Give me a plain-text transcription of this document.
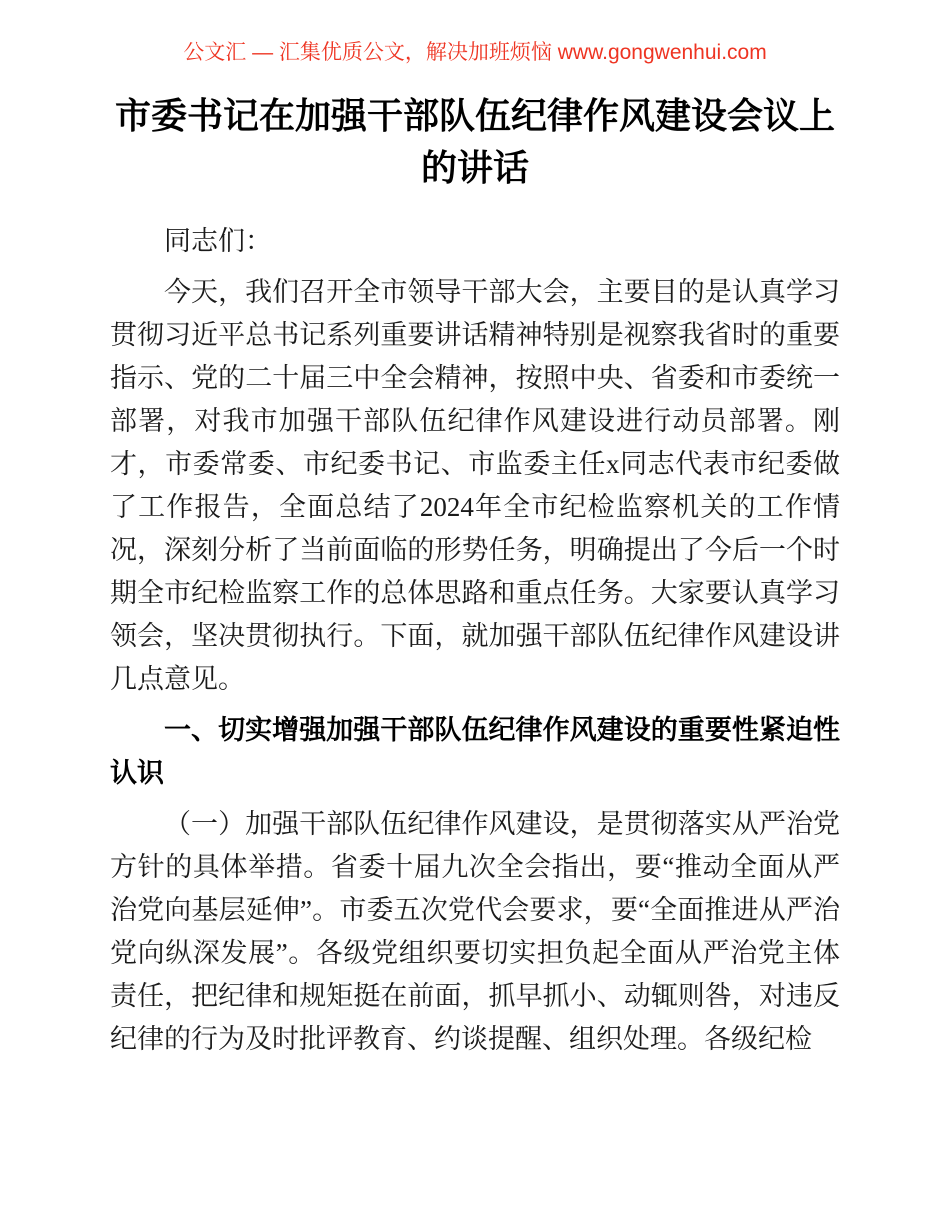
公文汇 — 汇集优质公文，解决加班烦恼 www.gongwenhui.com
市委书记在加强干部队伍纪律作风建设会议上的讲话

同志们：

今天，我们召开全市领导干部大会，主要目的是认真学习贯彻习近平总书记系列重要讲话精神特别是视察我省时的重要指示、党的二十届三中全会精神，按照中央、省委和市委统一部署，对我市加强干部队伍纪律作风建设进行动员部署。刚才，市委常委、市纪委书记、市监委主任x同志代表市纪委做了工作报告，全面总结了2024年全市纪检监察机关的工作情况，深刻分析了当前面临的形势任务，明确提出了今后一个时期全市纪检监察工作的总体思路和重点任务。大家要认真学习领会，坚决贯彻执行。下面，就加强干部队伍纪律作风建设讲几点意见。

一、切实增强加强干部队伍纪律作风建设的重要性紧迫性认识

（一）加强干部队伍纪律作风建设，是贯彻落实从严治党方针的具体举措。省委十届九次全会指出，要“推动全面从严治党向基层延伸”。市委五次党代会要求，要“全面推进从严治党向纵深发展”。各级党组织要切实担负起全面从严治党主体责任，把纪律和规矩挺在前面，抓早抓小、动辄则咎，对违反纪律的行为及时批评教育、约谈提醒、组织处理。各级纪检
